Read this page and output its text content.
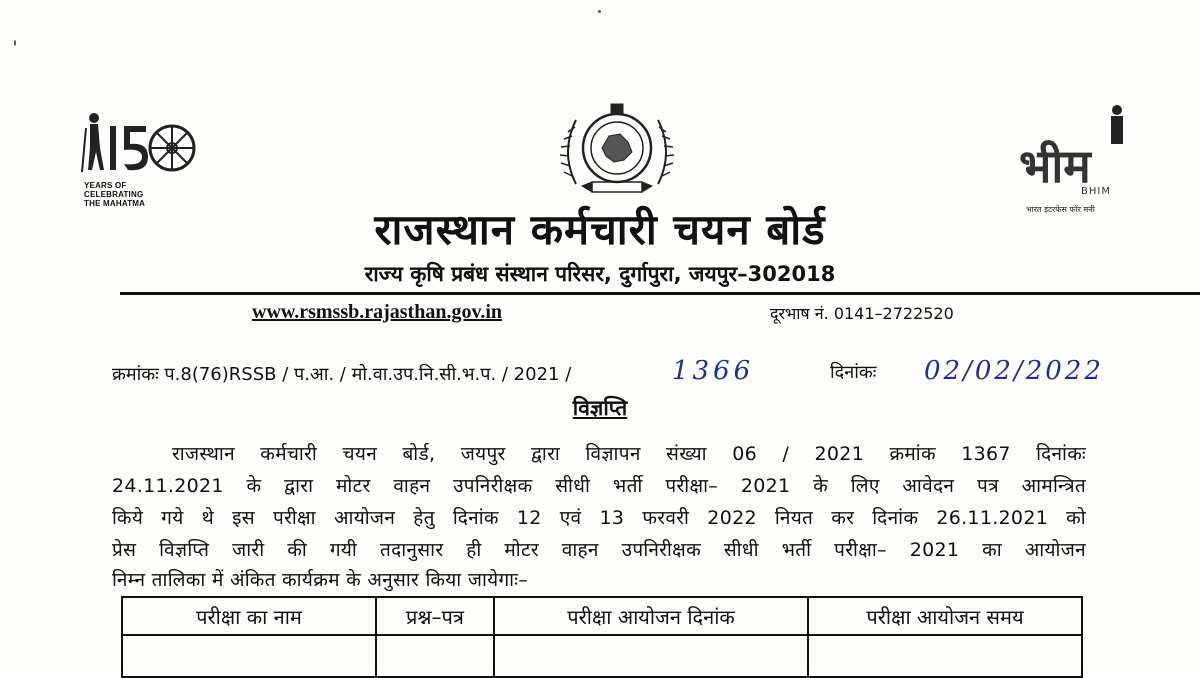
YEARS OF
CELEBRATING
THE MAHATMA
भीम
BHIM
भारत इंटरफेस फॉर मनी
राजस्थान कर्मचारी चयन बोर्ड
राज्य कृषि प्रबंध संस्थान परिसर, दुर्गापुरा, जयपुर–302018
www.rsmssb.rajasthan.gov.in	दूरभाष नं. 0141–2722520
क्रमांकः प.8(76)RSSB / प.आ. / मो.वा.उप.नि.सी.भ.प. / 2021 /	1366	दिनांकः 02/02/2022
विज्ञप्ति
राजस्थान कर्मचारी चयन बोर्ड, जयपुर द्वारा विज्ञापन संख्या 06 / 2021 क्रमांक 1367 दिनांकः
24.11.2021 के द्वारा मोटर वाहन उपनिरीक्षक सीधी भर्ती परीक्षा– 2021 के लिए आवेदन पत्र आमन्त्रित
किये गये थे इस परीक्षा आयोजन हेतु दिनांक 12 एवं 13 फरवरी 2022 नियत कर दिनांक 26.11.2021 को
प्रेस विज्ञप्ति जारी की गयी तदानुसार ही मोटर वाहन उपनिरीक्षक सीधी भर्ती परीक्षा– 2021 का आयोजन
निम्न तालिका में अंकित कार्यक्रम के अनुसार किया जायेगाः–
परीक्षा का नाम	प्रश्न–पत्र	परीक्षा आयोजन दिनांक	परीक्षा आयोजन समय
